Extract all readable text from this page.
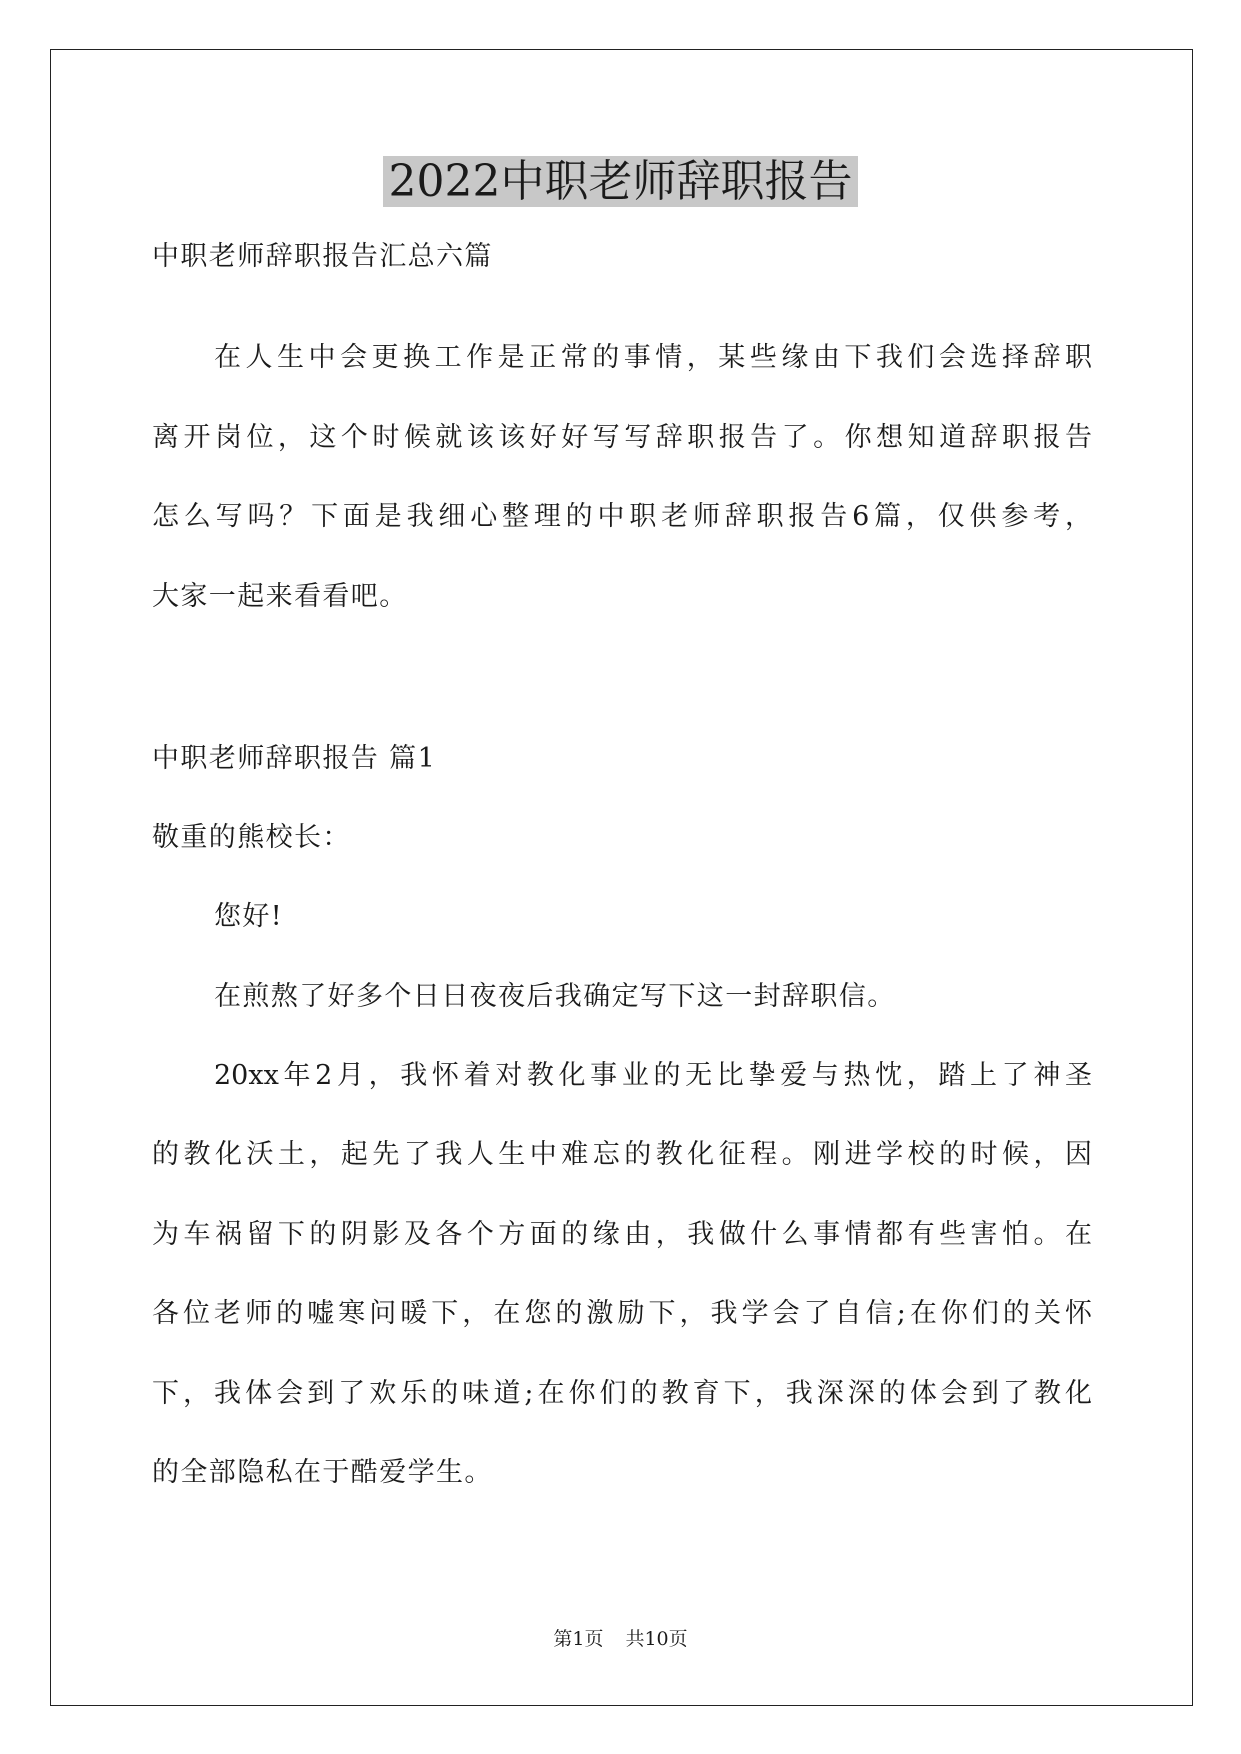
2022中职老师辞职报告
中职老师辞职报告汇总六篇
在人生中会更换工作是正常的事情，某些缘由下我们会选择辞职
离开岗位，这个时候就该该好好写写辞职报告了。你想知道辞职报告
怎么写吗？下面是我细心整理的中职老师辞职报告6篇，仅供参考，
大家一起来看看吧。
中职老师辞职报告 篇1
敬重的熊校长：
您好!
在煎熬了好多个日日夜夜后我确定写下这一封辞职信。
20xx年2月，我怀着对教化事业的无比挚爱与热忱，踏上了神圣
的教化沃土，起先了我人生中难忘的教化征程。刚进学校的时候，因
为车祸留下的阴影及各个方面的缘由，我做什么事情都有些害怕。在
各位老师的嘘寒问暖下，在您的激励下，我学会了自信;在你们的关怀
下，我体会到了欢乐的味道;在你们的教育下，我深深的体会到了教化
的全部隐私在于酷爱学生。
第1页 共10页
